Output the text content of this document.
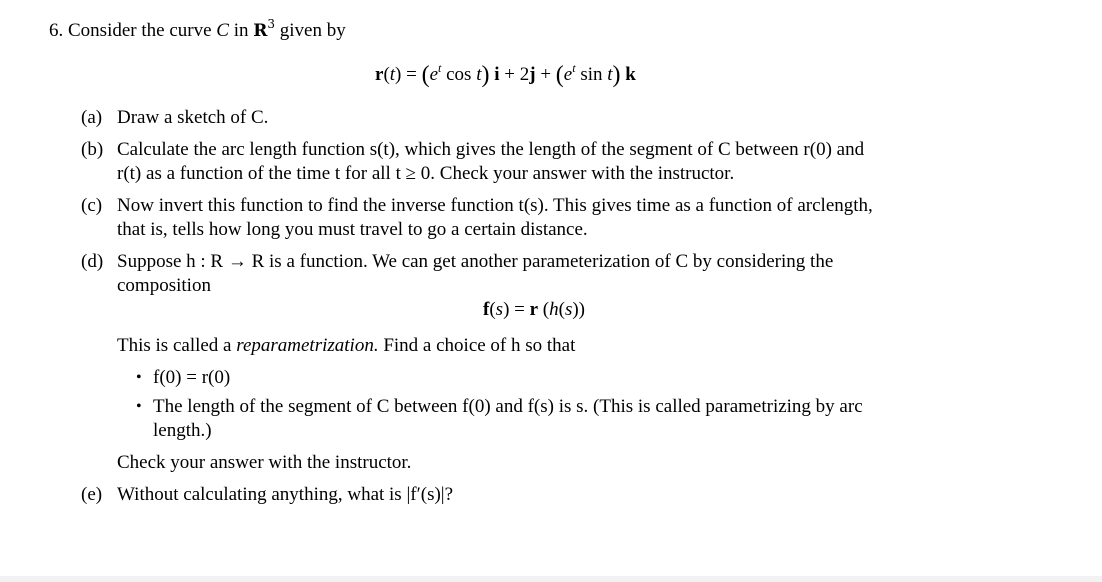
6. Consider the curve C in $R^3$ given by
$r(t) = (e^t$ cos t) $i + 2j + (e^t$ sin t) k
(a) Draw a sketch of C.
(b) Calculate the arc length function s(t), which gives the length of the segment of C between r(0) and
r(t) as a function of the time t for all t ≥ 0. Check your answer with the instructor.
(c) Now invert this function to find the inverse function t(s). This gives time as a function of arclength,
that is, tells how long you must travel to go a certain distance.
(d) Suppose h : R → R is a function. We can get another parameterization of C by considering the
composition
f(s) = r (h(s))
This is called a reparametrization. Find a choice of h so that
• f(0) = r(0)
• The length of the segment of C between f(0) and f(s) is s. (This is called parametrizing by arc
length.)
Check your answer with the instructor.
(e) Without calculating anything, what is |f′(s)|?
